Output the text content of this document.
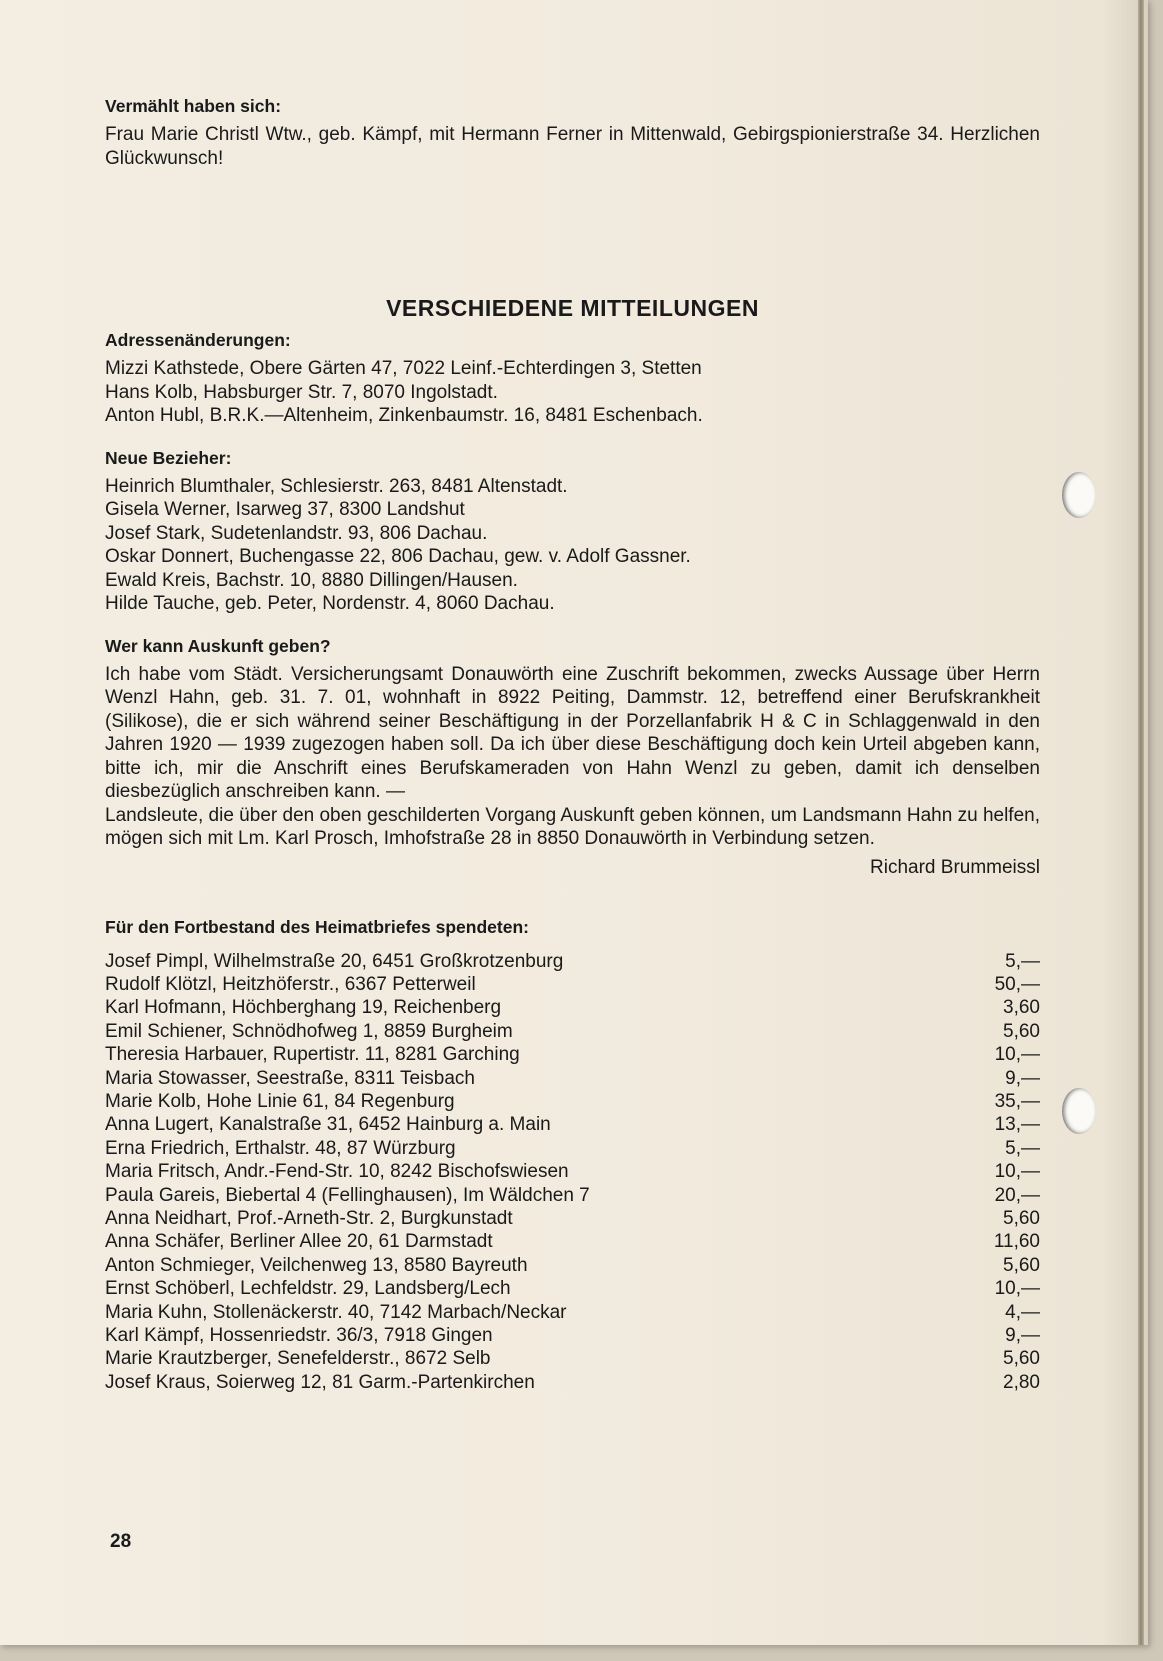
Vermählt haben sich:

Frau Marie Christl Wtw., geb. Kämpf, mit Hermann Ferner in Mittenwald, Gebirgspionierstraße 34. Herzlichen Glückwunsch!

VERSCHIEDENE MITTEILUNGEN

Adressenänderungen:

Mizzi Kathstede, Obere Gärten 47, 7022 Leinf.-Echterdingen 3, Stetten

Hans Kolb, Habsburger Str. 7, 8070 Ingolstadt.

Anton Hubl, B.R.K.—Altenheim, Zinkenbaumstr. 16, 8481 Eschenbach.

Neue Bezieher:

Heinrich Blumthaler, Schlesierstr. 263, 8481 Altenstadt.

Gisela Werner, Isarweg 37, 8300 Landshut

Josef Stark, Sudetenlandstr. 93, 806 Dachau.

Oskar Donnert, Buchengasse 22, 806 Dachau, gew. v. Adolf Gassner.

Ewald Kreis, Bachstr. 10, 8880 Dillingen/Hausen.

Hilde Tauche, geb. Peter, Nordenstr. 4, 8060 Dachau.

Wer kann Auskunft geben?

Ich habe vom Städt. Versicherungsamt Donauwörth eine Zuschrift bekommen, zwecks Aussage über Herrn Wenzl Hahn, geb. 31. 7. 01, wohnhaft in 8922 Peiting, Dammstr. 12, betreffend einer Berufskrankheit (Silikose), die er sich während seiner Beschäftigung in der Porzellanfabrik H & C in Schlaggenwald in den Jahren 1920 — 1939 zugezogen haben soll. Da ich über diese Beschäftigung doch kein Urteil abgeben kann, bitte ich, mir die Anschrift eines Berufskameraden von Hahn Wenzl zu geben, damit ich denselben diesbezüglich anschreiben kann. —

Landsleute, die über den oben geschilderten Vorgang Auskunft geben können, um Landsmann Hahn zu helfen, mögen sich mit Lm. Karl Prosch, Imhofstraße 28 in 8850 Donauwörth in Verbindung setzen.

Richard Brummeissl

Für den Fortbestand des Heimatbriefes spendeten:

Josef Pimpl, Wilhelmstraße 20, 6451 Großkrotzenburg	5,—
Rudolf Klötzl, Heitzhöferstr., 6367 Petterweil	50,—
Karl Hofmann, Höchberghang 19, Reichenberg	3,60
Emil Schiener, Schnödhofweg 1, 8859 Burgheim	5,60
Theresia Harbauer, Rupertistr. 11, 8281 Garching	10,—
Maria Stowasser, Seestraße, 8311 Teisbach	9,—
Marie Kolb, Hohe Linie 61, 84 Regenburg	35,—
Anna Lugert, Kanalstraße 31, 6452 Hainburg a. Main	13,—
Erna Friedrich, Erthalstr. 48, 87 Würzburg	5,—
Maria Fritsch, Andr.-Fend-Str. 10, 8242 Bischofswiesen	10,—
Paula Gareis, Biebertal 4 (Fellinghausen), Im Wäldchen 7	20,—
Anna Neidhart, Prof.-Arneth-Str. 2, Burgkunstadt	5,60
Anna Schäfer, Berliner Allee 20, 61 Darmstadt	11,60
Anton Schmieger, Veilchenweg 13, 8580 Bayreuth	5,60
Ernst Schöberl, Lechfeldstr. 29, Landsberg/Lech	10,—
Maria Kuhn, Stollenäckerstr. 40, 7142 Marbach/Neckar	4,—
Karl Kämpf, Hossenriedstr. 36/3, 7918 Gingen	9,—
Marie Krautzberger, Senefelderstr., 8672 Selb	5,60
Josef Kraus, Soierweg 12, 81 Garm.-Partenkirchen	2,80
28
